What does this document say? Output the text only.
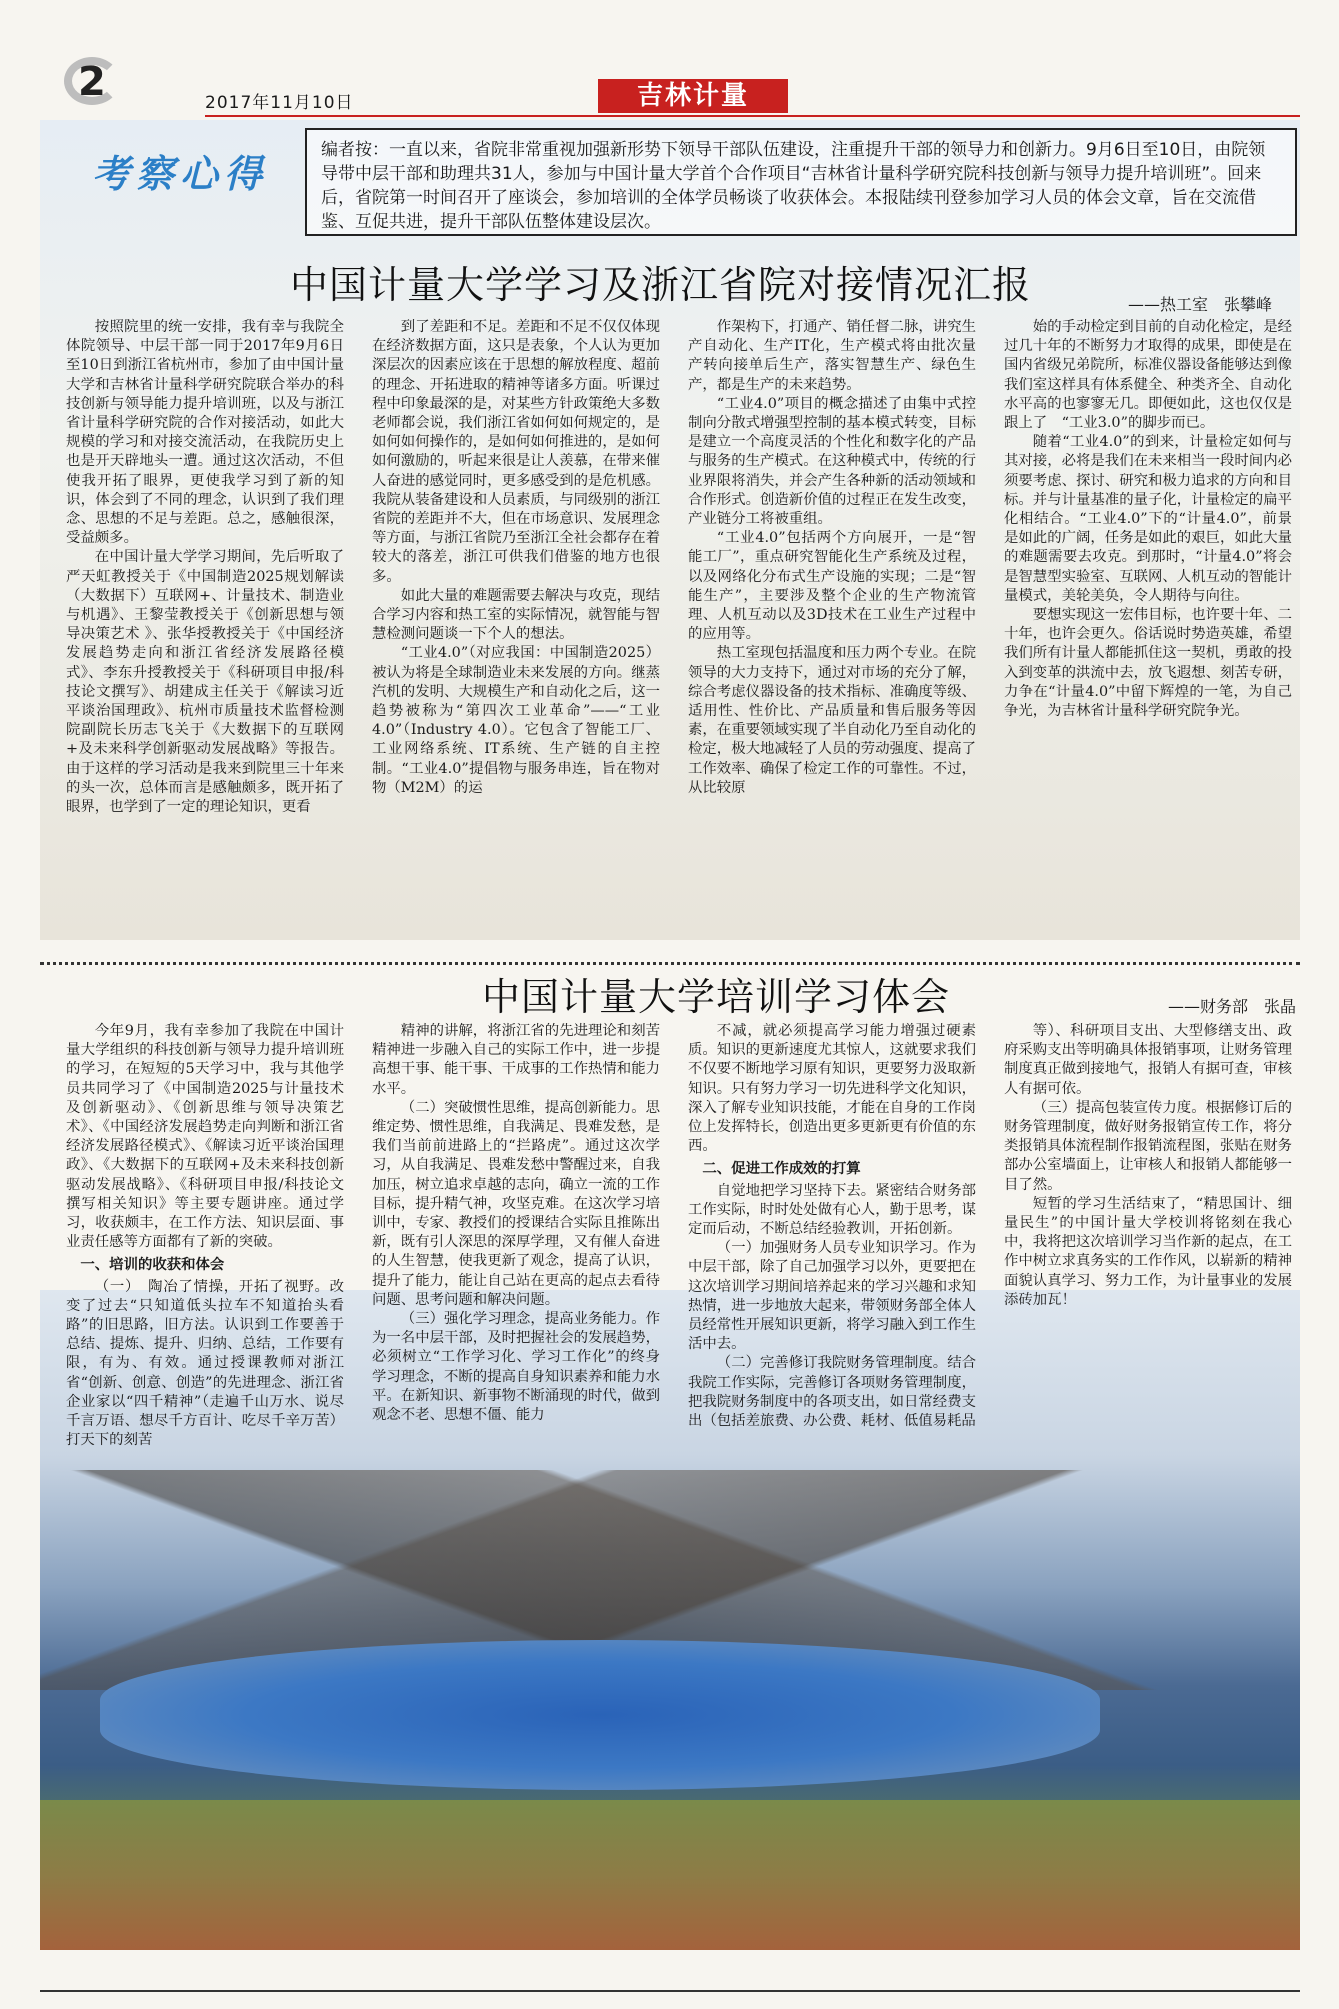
2	2017年11月10日	吉林计量
考察心得
编者按：一直以来，省院非常重视加强新形势下领导干部队伍建设，注重提升干部的领导力和创新力。9月6日至10日，由院领导带中层干部和助理共31人，参加与中国计量大学首个合作项目“吉林省计量科学研究院科技创新与领导力提升培训班”。回来后，省院第一时间召开了座谈会，参加培训的全体学员畅谈了收获体会。本报陆续刊登参加学习人员的体会文章，旨在交流借鉴、互促共进，提升干部队伍整体建设层次。
中国计量大学学习及浙江省院对接情况汇报	——热工室　张攀峰

按照院里的统一安排，我有幸与我院全体院领导、中层干部一同于2017年9月6日至10日到浙江省杭州市，参加了由中国计量大学和吉林省计量科学研究院联合举办的科技创新与领导能力提升培训班，以及与浙江省计量科学研究院的合作对接活动，如此大规模的学习和对接交流活动，在我院历史上也是开天辟地头一遭。通过这次活动，不但使我开拓了眼界，更使我学习到了新的知识，体会到了不同的理念，认识到了我们理念、思想的不足与差距。总之，感触很深，受益颇多。

在中国计量大学学习期间，先后听取了严天虹教授关于《中国制造2025规划解读（大数据下）互联网+、计量技术、制造业与机遇》、王黎莹教授关于《创新思想与领导决策艺术 》、张华授教授关于《中国经济发展趋势走向和浙江省经济发展路径模式》、李东升授教授关于《科研项目申报/科技论文撰写》、胡建成主任关于《解读习近平谈治国理政》、杭州市质量技术监督检测院副院长历志飞关于《大数据下的互联网+及未来科学创新驱动发展战略》等报告。由于这样的学习活动是我来到院里三十年来的头一次，总体而言是感触颇多，既开拓了眼界，也学到了一定的理论知识，更看

到了差距和不足。差距和不足不仅仅体现在经济数据方面，这只是表象，个人认为更加深层次的因素应该在于思想的解放程度、超前的理念、开拓进取的精神等诸多方面。听课过程中印象最深的是，对某些方针政策绝大多数老师都会说，我们浙江省如何如何规定的，是如何如何操作的，是如何如何推进的，是如何如何激励的，听起来很是让人羡慕，在带来催人奋进的感觉同时，更多感受到的是危机感。我院从装备建设和人员素质，与同级别的浙江省院的差距并不大，但在市场意识、发展理念等方面，与浙江省院乃至浙江全社会都存在着较大的落差，浙江可供我们借鉴的地方也很多。

如此大量的难题需要去解决与攻克，现结合学习内容和热工室的实际情况，就智能与智慧检测问题谈一下个人的想法。

“工业4.0”（对应我国：中国制造2025）被认为将是全球制造业未来发展的方向。继蒸汽机的发明、大规模生产和自动化之后，这一趋势被称为“第四次工业革命”——“工业4.0”（Industry 4.0）。它包含了智能工厂、工业网络系统、IT系统、生产链的自主控制。“工业4.0”提倡物与服务串连，旨在物对物（M2M）的运

作架构下，打通产、销任督二脉，讲究生产自动化、生产IT化，生产模式将由批次量产转向接单后生产，落实智慧生产、绿色生产，都是生产的未来趋势。

“工业4.0”项目的概念描述了由集中式控制向分散式增强型控制的基本模式转变，目标是建立一个高度灵活的个性化和数字化的产品与服务的生产模式。在这种模式中，传统的行业界限将消失，并会产生各种新的活动领域和合作形式。创造新价值的过程正在发生改变，产业链分工将被重组。

“工业4.0”包括两个方向展开，一是“智能工厂”，重点研究智能化生产系统及过程，以及网络化分布式生产设施的实现；二是“智能生产”，主要涉及整个企业的生产物流管理、人机互动以及3D技术在工业生产过程中的应用等。

热工室现包括温度和压力两个专业。在院领导的大力支持下，通过对市场的充分了解，综合考虑仪器设备的技术指标、准确度等级、适用性、性价比、产品质量和售后服务等因素，在重要领域实现了半自动化乃至自动化的检定，极大地减轻了人员的劳动强度、提高了工作效率、确保了检定工作的可靠性。不过，从比较原

始的手动检定到目前的自动化检定，是经过几十年的不断努力才取得的成果，即使是在国内省级兄弟院所，标准仪器设备能够达到像我们室这样具有体系健全、种类齐全、自动化水平高的也寥寥无几。即便如此，这也仅仅是跟上了　“工业3.0”的脚步而已。

随着“工业4.0”的到来，计量检定如何与其对接，必将是我们在未来相当一段时间内必须要考虑、探讨、研究和极力追求的方向和目标。并与计量基准的量子化，计量检定的扁平化相结合。“工业4.0”下的“计量4.0”，前景是如此的广阔，任务是如此的艰巨，如此大量的难题需要去攻克。到那时，“计量4.0”将会是智慧型实验室、互联网、人机互动的智能计量模式，美轮美奂，令人期待与向往。

要想实现这一宏伟目标，也许要十年、二十年，也许会更久。俗话说时势造英雄，希望我们所有计量人都能抓住这一契机，勇敢的投入到变革的洪流中去，放飞遐想、刻苦专研，力争在“计量4.0”中留下辉煌的一笔，为自己争光，为吉林省计量科学研究院争光。

中国计量大学培训学习体会	——财务部　张晶

今年9月，我有幸参加了我院在中国计量大学组织的科技创新与领导力提升培训班的学习，在短短的5天学习中，我与其他学员共同学习了《中国制造2025与计量技术及创新驱动》、《创新思维与领导决策艺术》、《中国经济发展趋势走向判断和浙江省经济发展路径模式》、《解读习近平谈治国理政》、《大数据下的互联网+及未来科技创新驱动发展战略》、《科研项目申报/科技论文撰写相关知识》等主要专题讲座。通过学习，收获颇丰，在工作方法、知识层面、事业责任感等方面都有了新的突破。

一、培训的收获和体会

（一）　陶冶了情操，开拓了视野。改变了过去“只知道低头拉车不知道抬头看路”的旧思路，旧方法。认识到工作要善于总结、提炼、提升、归纳、总结，工作要有限，有为、有效。通过授课教师对浙江省“创新、创意、创造”的先进理念、浙江省企业家以“四千精神”（走遍千山万水、说尽千言万语、想尽千方百计、吃尽千辛万苦）打天下的刻苦

精神的讲解，将浙江省的先进理论和刻苦精神进一步融入自己的实际工作中，进一步提高想干事、能干事、干成事的工作热情和能力水平。

（二）突破惯性思维，提高创新能力。思维定势、惯性思维，自我满足、畏难发愁，是我们当前前进路上的“拦路虎”。通过这次学习，从自我满足、畏难发愁中警醒过来，自我加压，树立追求卓越的志向，确立一流的工作目标，提升精气神，攻坚克难。在这次学习培训中，专家、教授们的授课结合实际且推陈出新，既有引人深思的深厚学理，又有催人奋进的人生智慧，使我更新了观念，提高了认识，提升了能力，能让自己站在更高的起点去看待问题、思考问题和解决问题。

（三）强化学习理念，提高业务能力。作为一名中层干部，及时把握社会的发展趋势，必须树立“工作学习化、学习工作化”的终身学习理念，不断的提高自身知识素养和能力水平。在新知识、新事物不断涌现的时代，做到观念不老、思想不僵、能力

不减，就必须提高学习能力增强过硬素质。知识的更新速度尤其惊人，这就要求我们不仅要不断地学习原有知识，更要努力汲取新知识。只有努力学习一切先进科学文化知识，深入了解专业知识技能，才能在自身的工作岗位上发挥特长，创造出更多更新更有价值的东西。

二、促进工作成效的打算

自觉地把学习坚持下去。紧密结合财务部工作实际，时时处处做有心人，勤于思考，谋定而后动，不断总结经验教训，开拓创新。

（一）加强财务人员专业知识学习。作为中层干部，除了自己加强学习以外，更要把在这次培训学习期间培养起来的学习兴趣和求知热情，进一步地放大起来，带领财务部全体人员经常性开展知识更新，将学习融入到工作生活中去。

（二）完善修订我院财务管理制度。结合我院工作实际，完善修订各项财务管理制度，把我院财务制度中的各项支出，如日常经费支出（包括差旅费、办公费、耗材、低值易耗品

等）、科研项目支出、大型修缮支出、政府采购支出等明确具体报销事项，让财务管理制度真正做到接地气，报销人有据可查，审核人有据可依。

（三）提高包装宣传力度。根据修订后的财务管理制度，做好财务报销宣传工作，将分类报销具体流程制作报销流程图，张贴在财务部办公室墙面上，让审核人和报销人都能够一目了然。

短暂的学习生活结束了，“精思国计、细量民生”的中国计量大学校训将铭刻在我心中，我将把这次培训学习当作新的起点，在工作中树立求真务实的工作作风，以崭新的精神面貌认真学习、努力工作，为计量事业的发展添砖加瓦！
